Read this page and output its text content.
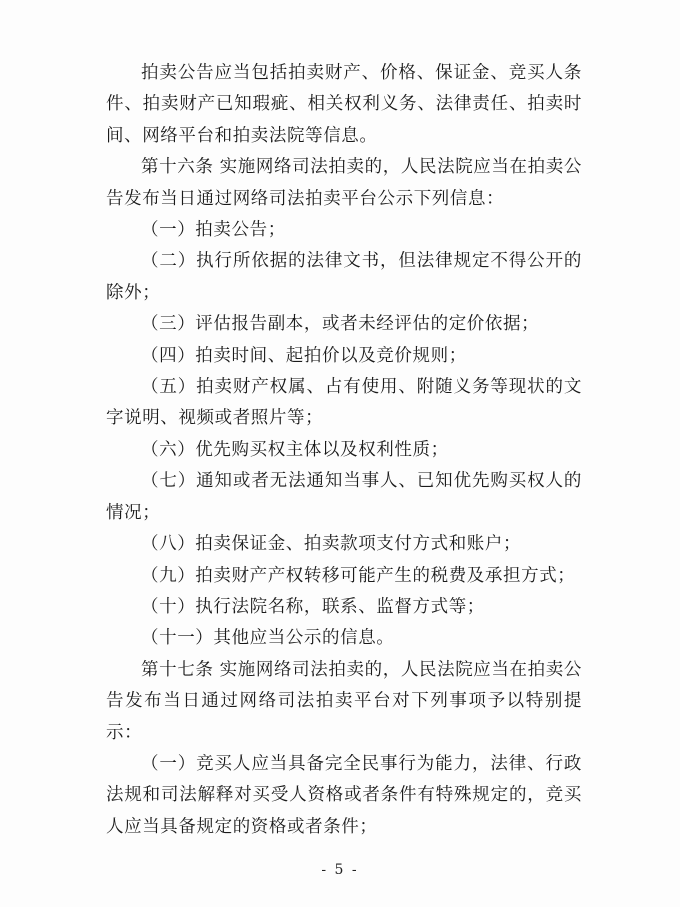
拍卖公告应当包括拍卖财产、价格、保证金、竞买人条件、拍卖财产已知瑕疵、相关权利义务、法律责任、拍卖时间、网络平台和拍卖法院等信息。

第十六条 实施网络司法拍卖的，人民法院应当在拍卖公告发布当日通过网络司法拍卖平台公示下列信息：

（一）拍卖公告；

（二）执行所依据的法律文书，但法律规定不得公开的除外；

（三）评估报告副本，或者未经评估的定价依据；

（四）拍卖时间、起拍价以及竞价规则；

（五）拍卖财产权属、占有使用、附随义务等现状的文字说明、视频或者照片等；

（六）优先购买权主体以及权利性质；

（七）通知或者无法通知当事人、已知优先购买权人的情况；

（八）拍卖保证金、拍卖款项支付方式和账户；

（九）拍卖财产产权转移可能产生的税费及承担方式；

（十）执行法院名称，联系、监督方式等；

（十一）其他应当公示的信息。

第十七条 实施网络司法拍卖的，人民法院应当在拍卖公告发布当日通过网络司法拍卖平台对下列事项予以特别提示：

（一）竞买人应当具备完全民事行为能力，法律、行政法规和司法解释对买受人资格或者条件有特殊规定的，竞买人应当具备规定的资格或者条件；

- 5 -
